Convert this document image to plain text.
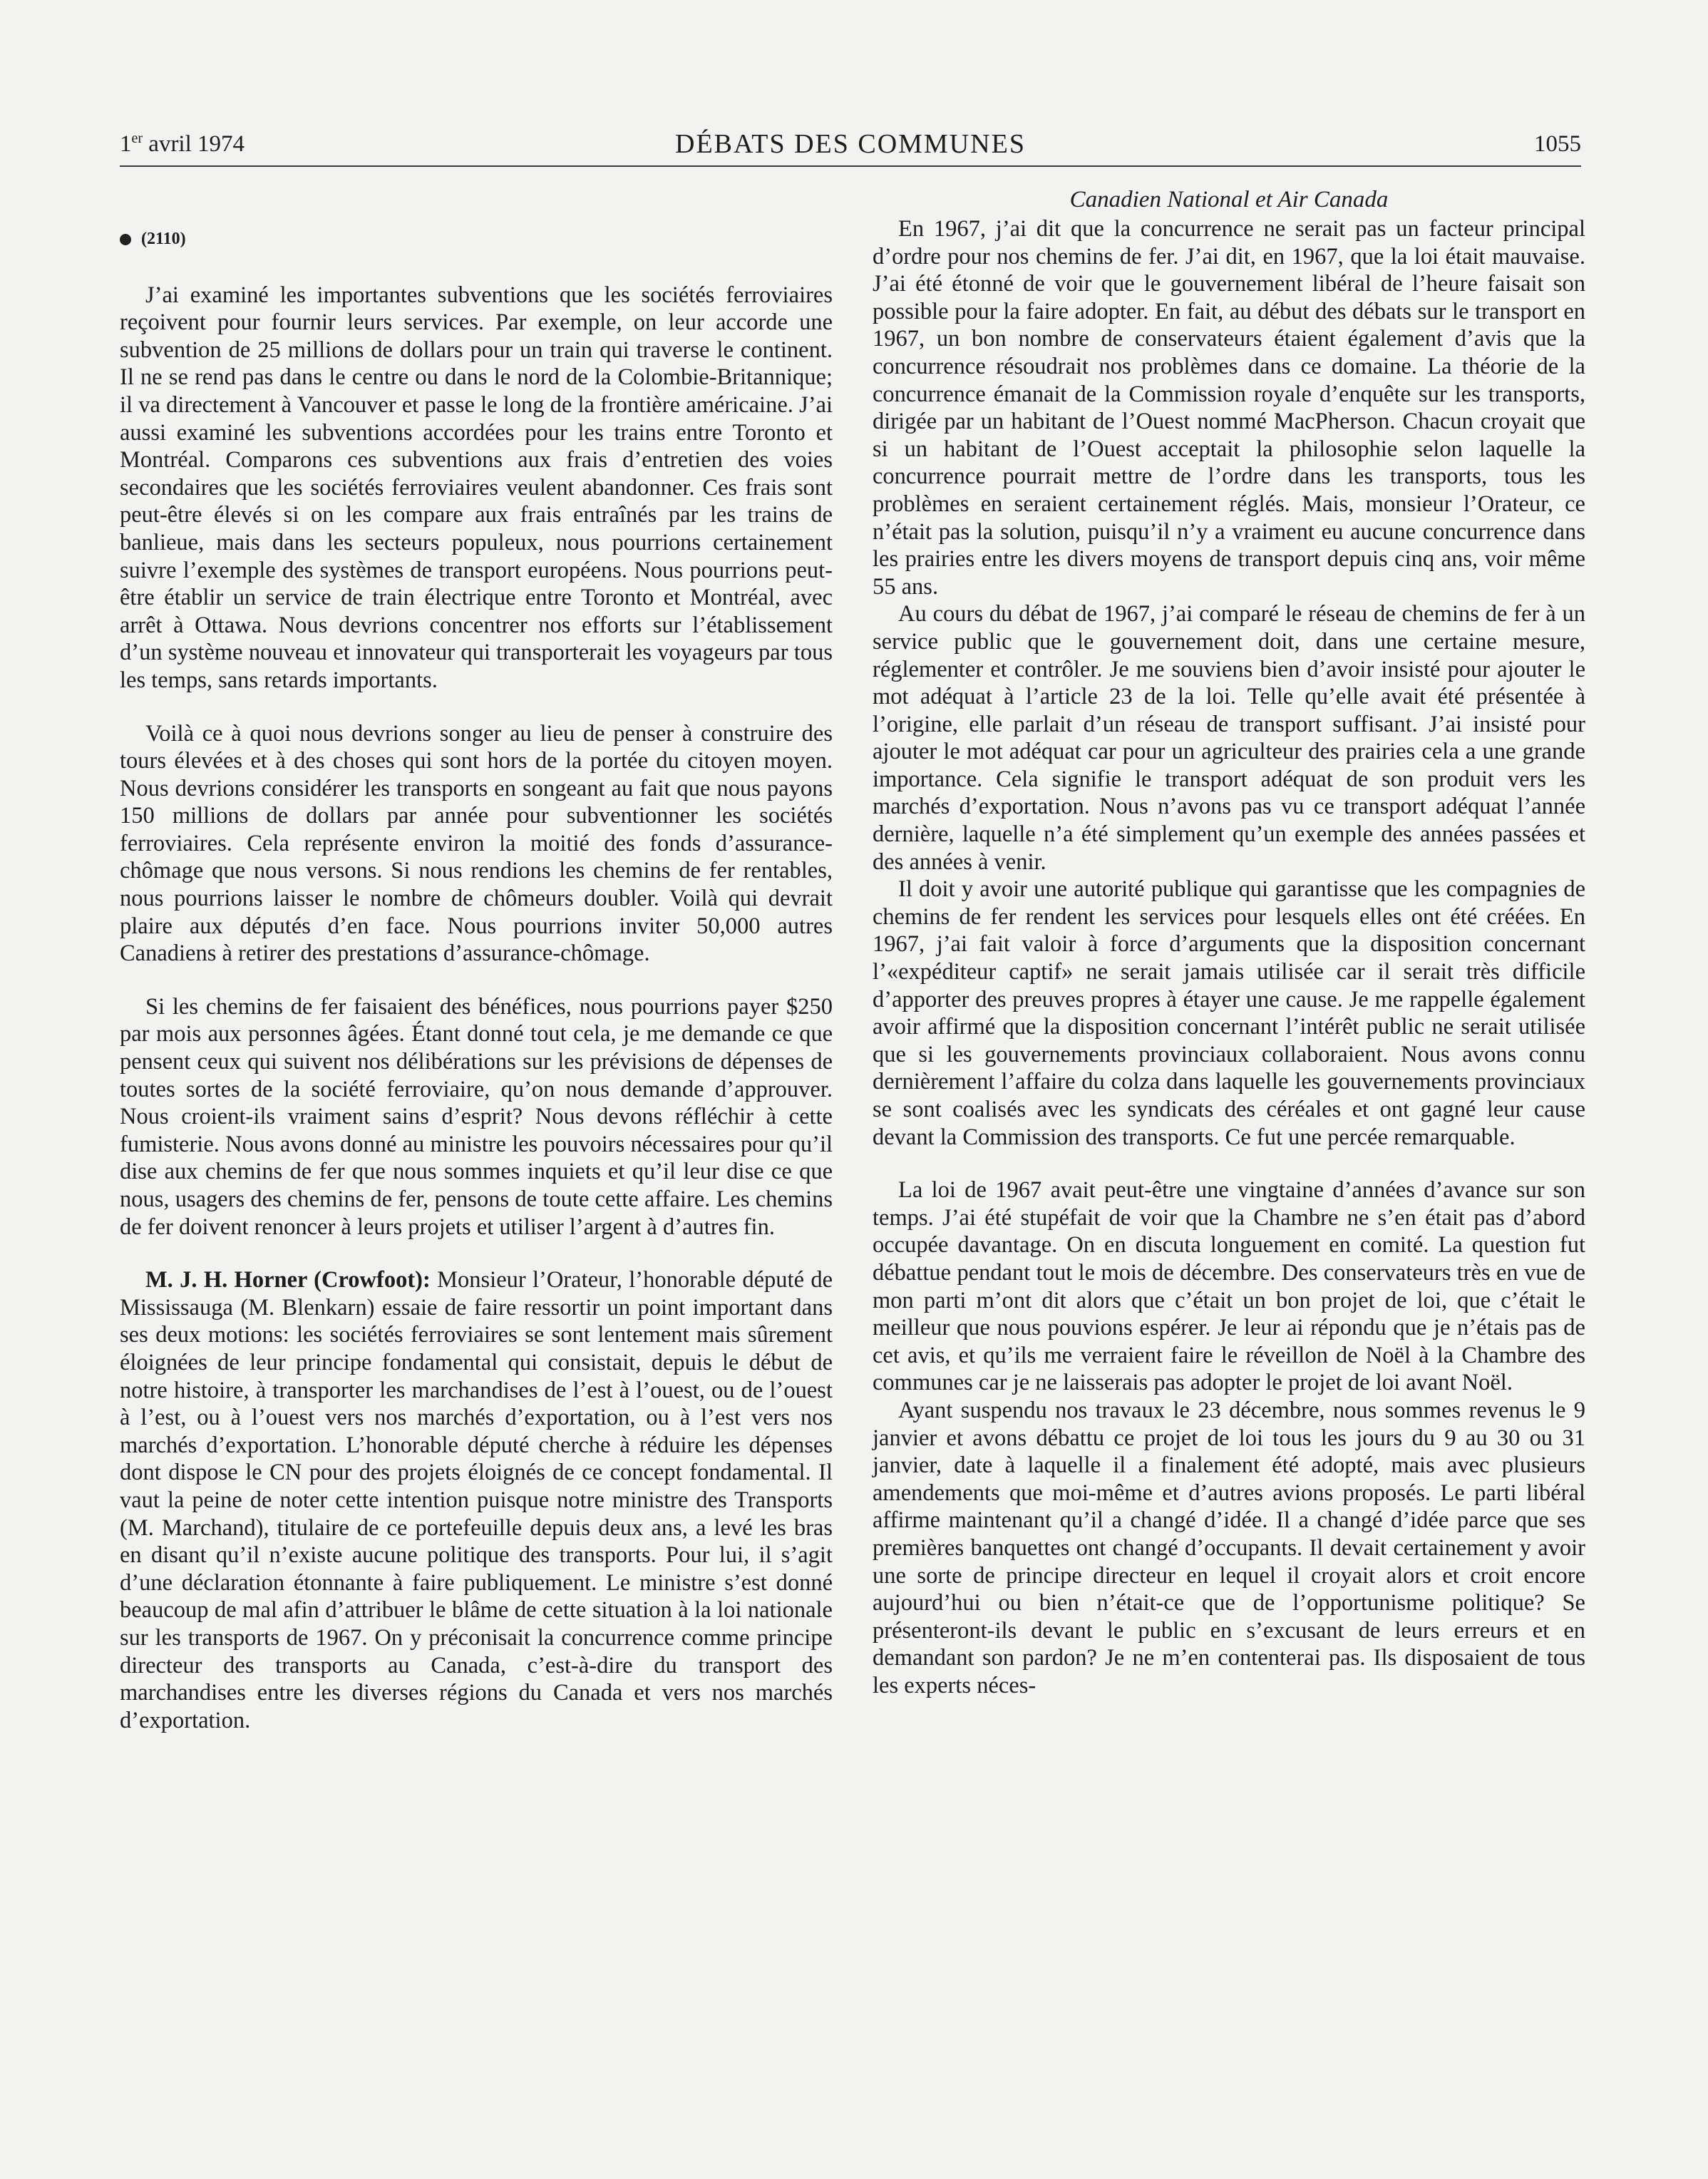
1er avril 1974	DÉBATS DES COMMUNES	1055
(2110)

J’ai examiné les importantes subventions que les sociétés ferroviaires reçoivent pour fournir leurs services. Par exemple, on leur accorde une subvention de 25 millions de dollars pour un train qui traverse le continent. Il ne se rend pas dans le centre ou dans le nord de la Colombie-Britannique; il va directement à Vancouver et passe le long de la frontière américaine. J’ai aussi examiné les subventions accordées pour les trains entre Toronto et Montréal. Comparons ces subventions aux frais d’entretien des voies secondaires que les sociétés ferroviaires veulent abandonner. Ces frais sont peut-être élevés si on les compare aux frais entraînés par les trains de banlieue, mais dans les secteurs populeux, nous pourrions certainement suivre l’exemple des systèmes de transport européens. Nous pourrions peut-être établir un service de train électrique entre Toronto et Montréal, avec arrêt à Ottawa. Nous devrions concentrer nos efforts sur l’établissement d’un système nouveau et innovateur qui transporterait les voyageurs par tous les temps, sans retards importants.

Voilà ce à quoi nous devrions songer au lieu de penser à construire des tours élevées et à des choses qui sont hors de la portée du citoyen moyen. Nous devrions considérer les transports en songeant au fait que nous payons 150 millions de dollars par année pour subventionner les sociétés ferroviaires. Cela représente environ la moitié des fonds d’assurance-chômage que nous versons. Si nous rendions les chemins de fer rentables, nous pourrions laisser le nombre de chômeurs doubler. Voilà qui devrait plaire aux députés d’en face. Nous pourrions inviter 50,000 autres Canadiens à retirer des prestations d’assurance-chômage.

Si les chemins de fer faisaient des bénéfices, nous pourrions payer $250 par mois aux personnes âgées. Étant donné tout cela, je me demande ce que pensent ceux qui suivent nos délibérations sur les prévisions de dépenses de toutes sortes de la société ferroviaire, qu’on nous demande d’approuver. Nous croient-ils vraiment sains d’esprit? Nous devons réfléchir à cette fumisterie. Nous avons donné au ministre les pouvoirs nécessaires pour qu’il dise aux chemins de fer que nous sommes inquiets et qu’il leur dise ce que nous, usagers des chemins de fer, pensons de toute cette affaire. Les chemins de fer doivent renoncer à leurs projets et utiliser l’argent à d’autres fin.

M. J. H. Horner (Crowfoot): Monsieur l’Orateur, l’honorable député de Mississauga (M. Blenkarn) essaie de faire ressortir un point important dans ses deux motions: les sociétés ferroviaires se sont lentement mais sûrement éloignées de leur principe fondamental qui consistait, depuis le début de notre histoire, à transporter les marchandises de l’est à l’ouest, ou de l’ouest à l’est, ou à l’ouest vers nos marchés d’exportation, ou à l’est vers nos marchés d’exportation. L’honorable député cherche à réduire les dépenses dont dispose le CN pour des projets éloignés de ce concept fondamental. Il vaut la peine de noter cette intention puisque notre ministre des Transports (M. Marchand), titulaire de ce portefeuille depuis deux ans, a levé les bras en disant qu’il n’existe aucune politique des transports. Pour lui, il s’agit d’une déclaration étonnante à faire publiquement. Le ministre s’est donné beaucoup de mal afin d’attribuer le blâme de cette situation à la loi nationale sur les transports de 1967. On y préconisait la concurrence comme principe directeur des transports au Canada, c’est-à-dire du transport des marchandises entre les diverses régions du Canada et vers nos marchés d’exportation.

Canadien National et Air Canada

En 1967, j’ai dit que la concurrence ne serait pas un facteur principal d’ordre pour nos chemins de fer. J’ai dit, en 1967, que la loi était mauvaise. J’ai été étonné de voir que le gouvernement libéral de l’heure faisait son possible pour la faire adopter. En fait, au début des débats sur le transport en 1967, un bon nombre de conservateurs étaient également d’avis que la concurrence résoudrait nos problèmes dans ce domaine. La théorie de la concurrence émanait de la Commission royale d’enquête sur les transports, dirigée par un habitant de l’Ouest nommé MacPherson. Chacun croyait que si un habitant de l’Ouest acceptait la philosophie selon laquelle la concurrence pourrait mettre de l’ordre dans les transports, tous les problèmes en seraient certainement réglés. Mais, monsieur l’Orateur, ce n’était pas la solution, puisqu’il n’y a vraiment eu aucune concurrence dans les prairies entre les divers moyens de transport depuis cinq ans, voir même 55 ans.

Au cours du débat de 1967, j’ai comparé le réseau de chemins de fer à un service public que le gouvernement doit, dans une certaine mesure, réglementer et contrôler. Je me souviens bien d’avoir insisté pour ajouter le mot adéquat à l’article 23 de la loi. Telle qu’elle avait été présentée à l’origine, elle parlait d’un réseau de transport suffisant. J’ai insisté pour ajouter le mot adéquat car pour un agriculteur des prairies cela a une grande importance. Cela signifie le transport adéquat de son produit vers les marchés d’exportation. Nous n’avons pas vu ce transport adéquat l’année dernière, laquelle n’a été simplement qu’un exemple des années passées et des années à venir.

Il doit y avoir une autorité publique qui garantisse que les compagnies de chemins de fer rendent les services pour lesquels elles ont été créées. En 1967, j’ai fait valoir à force d’arguments que la disposition concernant l’«expéditeur captif» ne serait jamais utilisée car il serait très difficile d’apporter des preuves propres à étayer une cause. Je me rappelle également avoir affirmé que la disposition concernant l’intérêt public ne serait utilisée que si les gouvernements provinciaux collaboraient. Nous avons connu dernièrement l’affaire du colza dans laquelle les gouvernements provinciaux se sont coalisés avec les syndicats des céréales et ont gagné leur cause devant la Commission des transports. Ce fut une percée remarquable.

La loi de 1967 avait peut-être une vingtaine d’années d’avance sur son temps. J’ai été stupéfait de voir que la Chambre ne s’en était pas d’abord occupée davantage. On en discuta longuement en comité. La question fut débattue pendant tout le mois de décembre. Des conservateurs très en vue de mon parti m’ont dit alors que c’était un bon projet de loi, que c’était le meilleur que nous pouvions espérer. Je leur ai répondu que je n’étais pas de cet avis, et qu’ils me verraient faire le réveillon de Noël à la Chambre des communes car je ne laisserais pas adopter le projet de loi avant Noël.

Ayant suspendu nos travaux le 23 décembre, nous sommes revenus le 9 janvier et avons débattu ce projet de loi tous les jours du 9 au 30 ou 31 janvier, date à laquelle il a finalement été adopté, mais avec plusieurs amendements que moi-même et d’autres avions proposés. Le parti libéral affirme maintenant qu’il a changé d’idée. Il a changé d’idée parce que ses premières banquettes ont changé d’occupants. Il devait certainement y avoir une sorte de principe directeur en lequel il croyait alors et croit encore aujourd’hui ou bien n’était-ce que de l’opportunisme politique? Se présenteront-ils devant le public en s’excusant de leurs erreurs et en demandant son pardon? Je ne m’en contenterai pas. Ils disposaient de tous les experts néces-
